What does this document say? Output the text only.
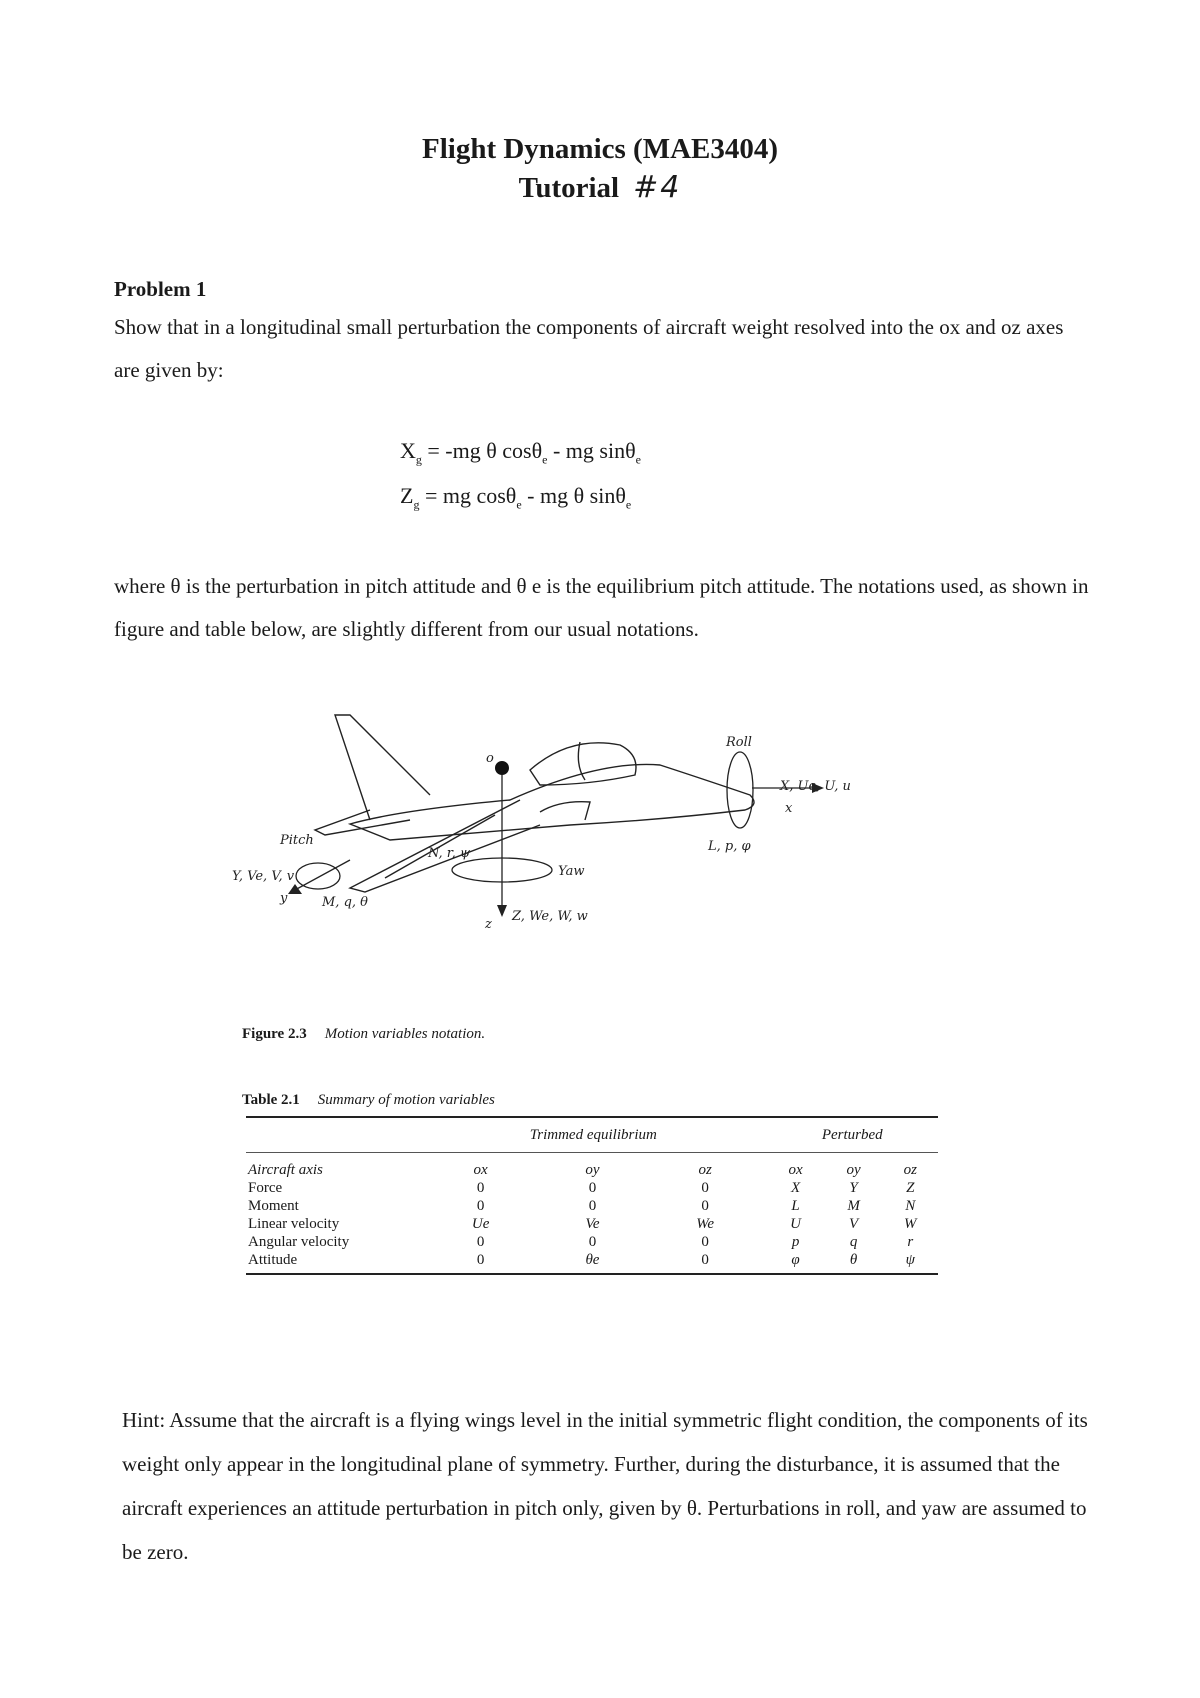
Flight Dynamics (MAE3404)
Tutorial #4
Problem 1
Show that in a longitudinal small perturbation the components of aircraft weight resolved into the ox and oz axes are given by:
$X_g = -mg$ θ cosθ$_e$ - mg sinθ$_e$
$Z_g$ = mg cosθ$_e$ - mg θ sinθ$_e$
where θ is the perturbation in pitch attitude and θ e is the equilibrium pitch attitude. The notations used, as shown in figure and table below, are slightly different from our usual notations.
o
z
Z, We, W, w
N, r, ψ
Yaw
x
X, Ue, U, u
Roll
L, p, φ
y
Pitch
Y, Ve, V, v
M, q, θ
Figure 2.3 Motion variables notation.
Table 2.1 Summary of motion variables
	Trimmed equilibrium			Perturbed		
Aircraft axis	ox	oy	oz	ox	oy	oz
Force	0	0	0	X	Y	Z
Moment	0	0	0	L	M	N
Linear velocity	Ue	Ve	We	U	V	W
Angular velocity	0	0	0	p	q	r
Attitude	0	θe	0	φ	θ	ψ
Hint: Assume that the aircraft is a flying wings level in the initial symmetric flight condition, the components of its weight only appear in the longitudinal plane of symmetry. Further, during the disturbance, it is assumed that the aircraft experiences an attitude perturbation in pitch only, given by θ. Perturbations in roll, and yaw are assumed to be zero.
